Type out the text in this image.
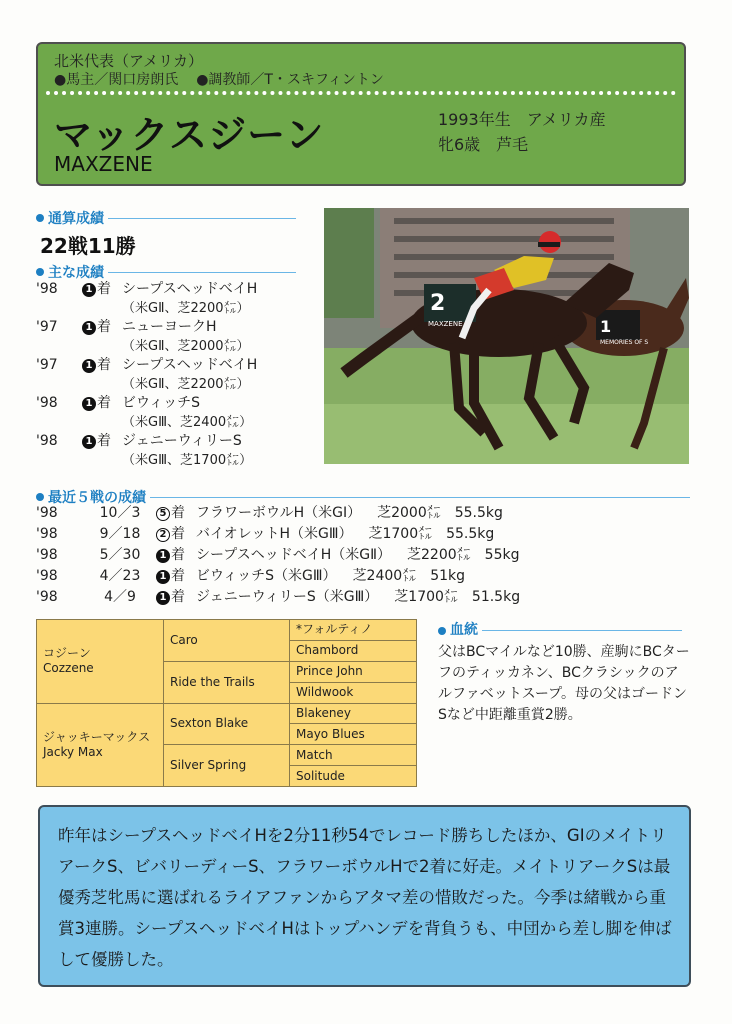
北米代表（アメリカ）
●馬主／関口房朗氏 ●調教師／T・スキフィントン
マックスジーン
MAXZENE
1993年生　アメリカ産
牝6歳　芦毛
通算成績
22戦11勝
主な成績
'98	1 着 シープスヘッドベイH
（米GⅡ、芝2200㍍）
'97	1 着 ニューヨークH
（米GⅡ、芝2000㍍）
'97	1 着 シープスヘッドベイH
（米GⅡ、芝2200㍍）
'98	1 着 ビウィッチS
（米GⅢ、芝2400㍍）
'98	1 着 ジェニーウィリーS
（米GⅢ、芝1700㍍）
1
MEMORIES OF S
2
MAXZENE
最近５戦の成績
'98	10／3	5 着 フラワーボウルH（米GI） 芝2000㍍ 55.5kg
'98	9／18	2 着 バイオレットH（米GⅢ） 芝1700㍍ 55.5kg
'98	5／30	1 着 シープスヘッドベイH（米GⅡ） 芝2200㍍ 55kg
'98	4／23	1 着 ビウィッチS（米GⅢ） 芝2400㍍ 51kg
'98	4／9	1 着 ジェニーウィリーS（米GⅢ） 芝1700㍍ 51.5kg
コジーン
Cozzene	Caro	*フォルティノ
		Chambord
	Ride the Trails	Prince John
		Wildwook
ジャッキーマックス
Jacky Max	Sexton Blake	Blakeney
		Mayo Blues
	Silver Spring	Match
		Solitude
血統
父はBCマイルなど10勝、産駒にBCターフのティッカネン、BCクラシックのアルファベットスープ。母の父はゴードンSなど中距離重賞2勝。
昨年はシープスヘッドベイHを2分11秒54でレコード勝ちしたほか、GIのメイトリアークS、ビバリーディーS、フラワーボウルHで2着に好走。メイトリアークSは最優秀芝牝馬に選ばれるライアファンからアタマ差の惜敗だった。今季は緒戦から重賞3連勝。シープスヘッドベイHはトップハンデを背負うも、中団から差し脚を伸ばして優勝した。
